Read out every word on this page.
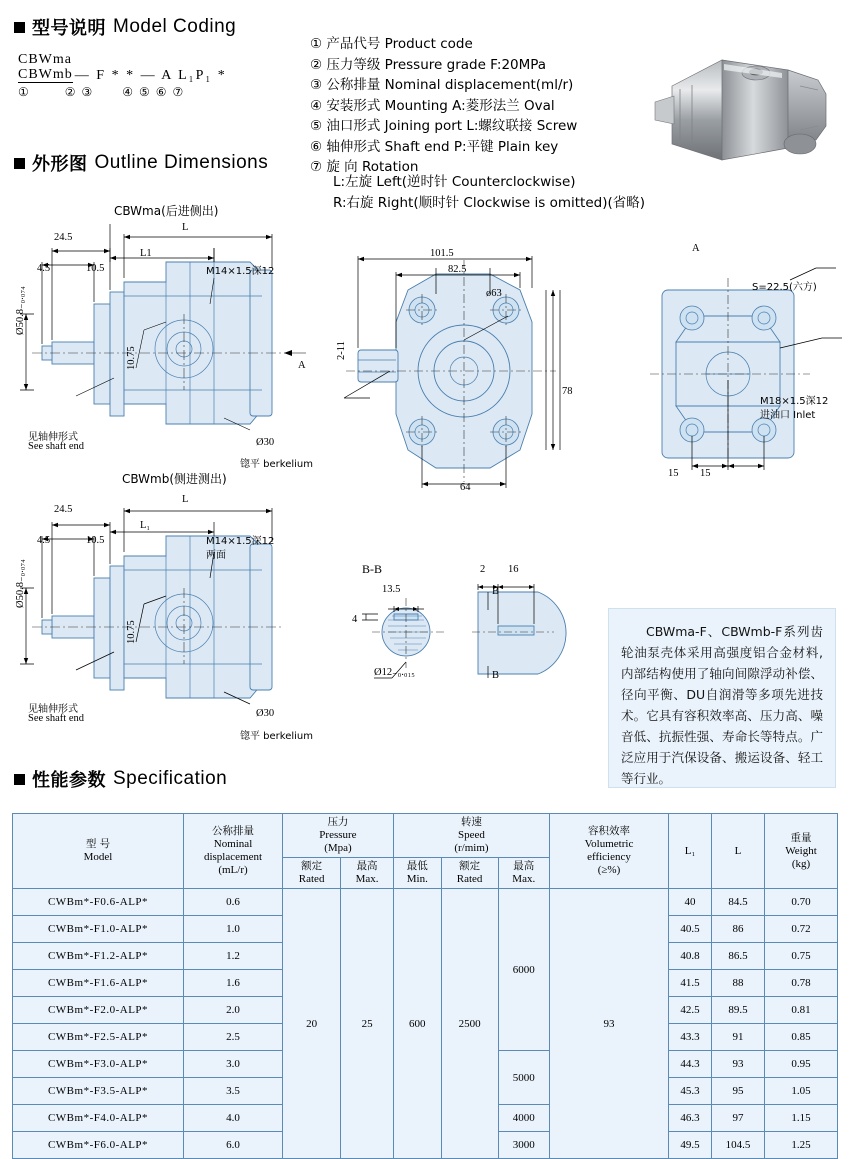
型号说明 Model Coding
CBWma
CBWmb — F * * — A L₁P₁ *
①            ②  ③          ④  ⑤  ⑥  ⑦
① 产品代号 Product code
② 压力等级 Pressure grade F:20MPa
③ 公称排量 Nominal displacement(ml/r)
④ 安装形式 Mounting A:菱形法兰 Oval
⑤ 油口形式 Joining port L:螺纹联接 Screw
⑥ 轴伸形式 Shaft end P:平键 Plain key
⑦ 旋 向 Rotation
L:左旋 Left(逆时针 Counterclockwise)
R:右旋 Right(顺时针 Clockwise is omitted)(省略)
外形图 Outline Dimensions
CBWma(后进侧出)
CBWmb(侧进测出)
24.5
L
L1
4.5	10.5	M14×1.5深12
Ø50.8₋₀.₀₇₄
10.75
见轴伸形式
See shaft end	Ø30
锪平 berkelium
A
101.5
82.5
ø63
2-11
78
64
A
S=22.5(六方)
M18×1.5深12
进油口 Inlet
15 15
24.5
L
L₁
4.5	10.5	M14×1.5深12
两面
Ø50.8₋₀.₀₇₄
10.75
见轴伸形式
See shaft end	Ø30
锪平 berkelium
B-B
13.5
4
Ø12₋₀.₀₁₅
2 16
B
B

CBWma-F、CBWmb-F系列齿轮油泵壳体采用高强度铝合金材料,内部结构使用了轴向间隙浮动补偿、径向平衡、DU自润滑等多项先进技术。它具有容积效率高、压力高、噪音低、抗振性强、寿命长等特点。广泛应用于汽保设备、搬运设备、轻工等行业。

性能参数 Specification
型 号
Model

公称排量
Nominal
displacement
(mL/r)

压力
Pressure
(Mpa)

转速
Speed
(r/mim)

容积效率
Volumetric
efficiency
(≥%)
	L₁	L	
重量
Weight
(kg)

额定
Rated

最高
Max.

最低
Min.

额定
Rated

最高
Max.

CWBm*-F0.6-ALP*	0.6	20	25	600	2500	6000	93	40	84.5	0.70
CWBm*-F1.0-ALP*	1.0							40.5	86	0.72
CWBm*-F1.2-ALP*	1.2							40.8	86.5	0.75
CWBm*-F1.6-ALP*	1.6							41.5	88	0.78
CWBm*-F2.0-ALP*	2.0							42.5	89.5	0.81
CWBm*-F2.5-ALP*	2.5							43.3	91	0.85
CWBm*-F3.0-ALP*	3.0					5000		44.3	93	0.95
CWBm*-F3.5-ALP*	3.5							45.3	95	1.05
CWBm*-F4.0-ALP*	4.0					4000		46.3	97	1.15
CWBm*-F6.0-ALP*	6.0					3000		49.5	104.5	1.25
